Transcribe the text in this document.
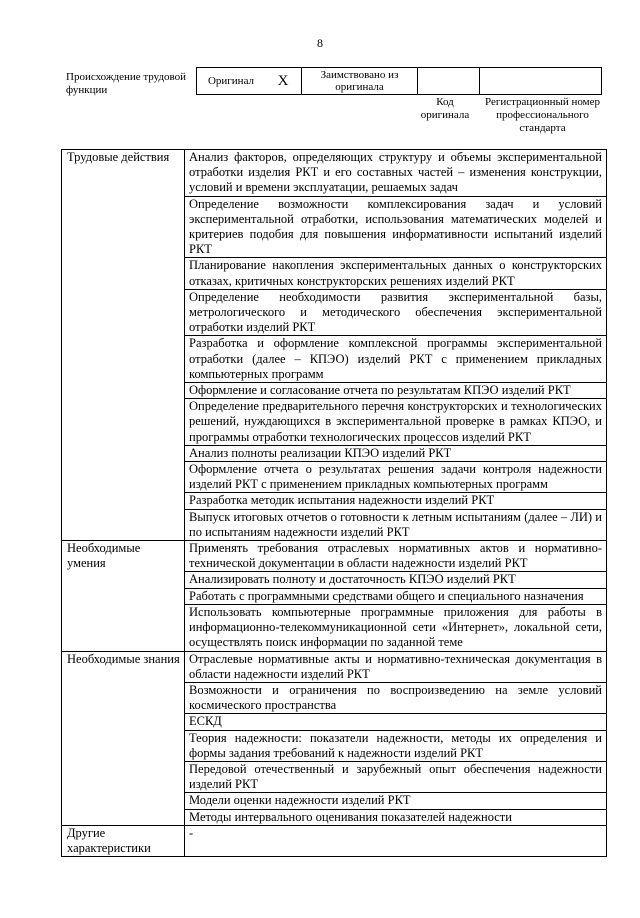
8
Происхождение трудовой функции
Оригинал	X	Заимствовано из оригинала		
Код оригинала
Регистрационный номер профессионального стандарта
Трудовые действия	Анализ факторов, определяющих структуру и объемы экспериментальной отработки изделия РКТ и его составных частей – изменения конструкции, условий и времени эксплуатации, решаемых задач
	Определение возможности комплексирования задач и условий экспериментальной отработки, использования математических моделей и критериев подобия для повышения информативности испытаний изделий РКТ
	Планирование накопления экспериментальных данных о конструкторских отказах, критичных конструкторских решениях изделий РКТ
	Определение необходимости развития экспериментальной базы, метрологического и методического обеспечения экспериментальной отработки изделий РКТ
	Разработка и оформление комплексной программы экспериментальной отработки (далее – КПЭО) изделий РКТ с применением прикладных компьютерных программ
	Оформление и согласование отчета по результатам КПЭО изделий РКТ
	Определение предварительного перечня конструкторских и технологических решений, нуждающихся в экспериментальной проверке в рамках КПЭО, и программы отработки технологических процессов изделий РКТ
	Анализ полноты реализации КПЭО изделий РКТ
	Оформление отчета о результатах решения задачи контроля надежности изделий РКТ с применением прикладных компьютерных программ
	Разработка методик испытания надежности изделий РКТ
	Выпуск итоговых отчетов о готовности к летным испытаниям (далее – ЛИ) и по испытаниям надежности изделий РКТ
Необходимые умения	Применять требования отраслевых нормативных актов и нормативно-технической документации в области надежности изделий РКТ
	Анализировать полноту и достаточность КПЭО изделий РКТ
	Работать с программными средствами общего и специального назначения
	Использовать компьютерные программные приложения для работы в информационно-телекоммуникационной сети «Интернет», локальной сети, осуществлять поиск информации по заданной теме
Необходимые знания	Отраслевые нормативные акты и нормативно-техническая документация в области надежности изделий РКТ
	Возможности и ограничения по воспроизведению на земле условий космического пространства
	ЕСКД
	Теория надежности: показатели надежности, методы их определения и формы задания требований к надежности изделий РКТ
	Передовой отечественный и зарубежный опыт обеспечения надежности изделий РКТ
	Модели оценки надежности изделий РКТ
	Методы интервального оценивания показателей надежности
Другие характеристики	-
